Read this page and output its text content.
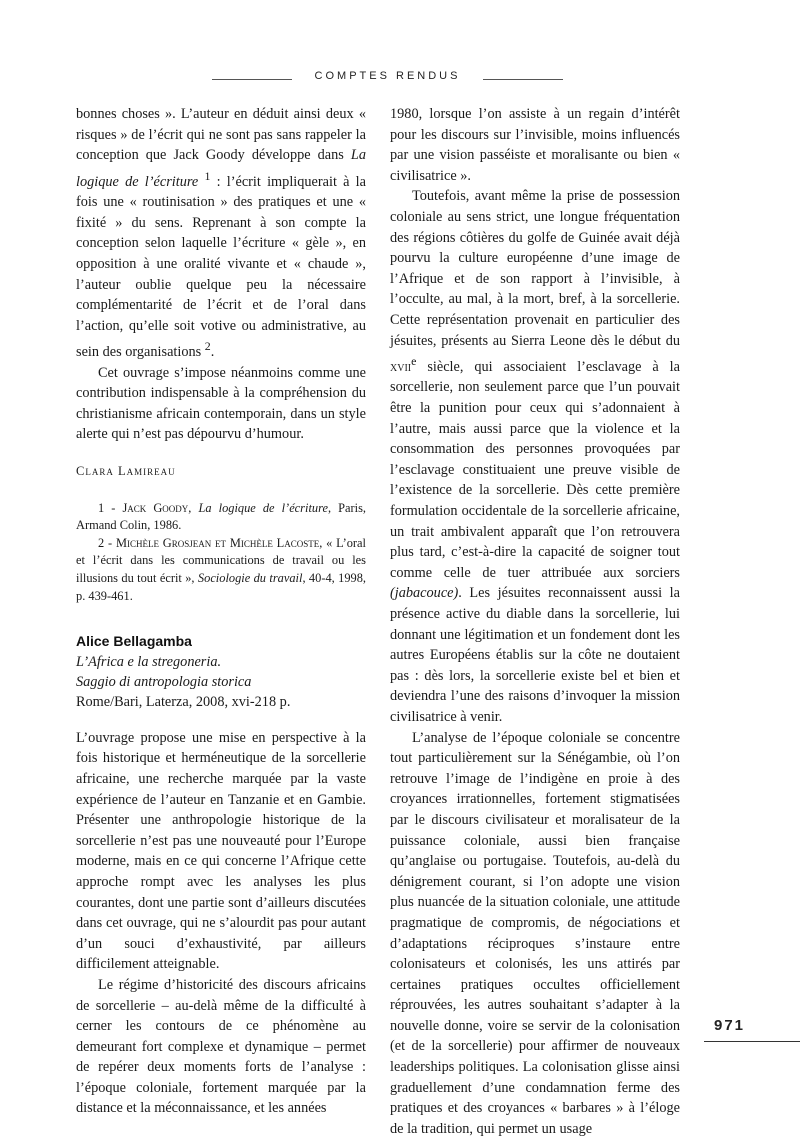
COMPTES RENDUS

bonnes choses ». L’auteur en déduit ainsi deux « risques » de l’écrit qui ne sont pas sans rappeler la conception que Jack Goody développe dans La logique de l’écriture $^1$ : l’écrit impliquerait à la fois une « routinisation » des pratiques et une « fixité » du sens. Reprenant à son compte la conception selon laquelle l’écriture « gèle », en opposition à une oralité vivante et « chaude », l’auteur oublie quelque peu la nécessaire complémentarité de l’écrit et de l’oral dans l’action, qu’elle soit votive ou administrative, au sein des organisations $^2$.

Cet ouvrage s’impose néanmoins comme une contribution indispensable à la compréhension du christianisme africain contemporain, dans un style alerte qui n’est pas dépourvu d’humour.

Clara Lamireau

1 - Jack Goody, La logique de l’écriture, Paris, Armand Colin, 1986.

2 - Michèle Grosjean et Michèle Lacoste, « L’oral et l’écrit dans les communications de travail ou les illusions du tout écrit », Sociologie du travail, 40-4, 1998, p. 439-461.

Alice Bellagamba

L’Africa e la stregoneria.

Saggio di antropologia storica

Rome/Bari, Laterza, 2008, xvi-218 p.

L’ouvrage propose une mise en perspective à la fois historique et herméneutique de la sorcellerie africaine, une recherche marquée par la vaste expérience de l’auteur en Tanzanie et en Gambie. Présenter une anthropologie historique de la sorcellerie n’est pas une nouveauté pour l’Europe moderne, mais en ce qui concerne l’Afrique cette approche rompt avec les analyses les plus courantes, dont une partie sont d’ailleurs discutées dans cet ouvrage, qui ne s’alourdit pas pour autant d’un souci d’exhaustivité, par ailleurs difficilement atteignable.

Le régime d’historicité des discours africains de sorcellerie – au-delà même de la difficulté à cerner les contours de ce phénomène au demeurant fort complexe et dynamique – permet de repérer deux moments forts de l’analyse : l’époque coloniale, fortement marquée par la distance et la méconnaissance, et les années

1980, lorsque l’on assiste à un regain d’intérêt pour les discours sur l’invisible, moins influencés par une vision passéiste et moralisante ou bien « civilisatrice ».

Toutefois, avant même la prise de possession coloniale au sens strict, une longue fréquentation des régions côtières du golfe de Guinée avait déjà pourvu la culture européenne d’une image de l’Afrique et de son rapport à l’invisible, à l’occulte, au mal, à la mort, bref, à la sorcellerie. Cette représentation provenait en particulier des jésuites, présents au Sierra Leone dès le début du xvii$^e$ siècle, qui associaient l’esclavage à la sorcellerie, non seulement parce que l’un pouvait être la punition pour ceux qui s’adonnaient à l’autre, mais aussi parce que la violence et la consommation des personnes provoquées par l’esclavage constituaient une preuve visible de l’existence de la sorcellerie. Dès cette première formulation occidentale de la sorcellerie africaine, un trait ambivalent apparaît que l’on retrouvera plus tard, c’est-à-dire la capacité de soigner tout comme celle de tuer attribuée aux sorciers (jabacouce). Les jésuites reconnaissent aussi la présence active du diable dans la sorcellerie, lui donnant une légitimation et un fondement dont les autres Européens établis sur la côte ne doutaient pas : dès lors, la sorcellerie existe bel et bien et deviendra l’une des raisons d’invoquer la mission civilisatrice à venir.

L’analyse de l’époque coloniale se concentre tout particulièrement sur la Sénégambie, où l’on retrouve l’image de l’indigène en proie à des croyances irrationnelles, fortement stigmatisées par le discours civilisateur et moralisateur de la puissance coloniale, aussi bien française qu’anglaise ou portugaise. Toutefois, au-delà du dénigrement courant, si l’on adopte une vision plus nuancée de la situation coloniale, une attitude pragmatique de compromis, de négociations et d’adaptations réciproques s’instaure entre colonisateurs et colonisés, les uns attirés par certaines pratiques occultes officiellement réprouvées, les autres souhaitant s’adapter à la nouvelle donne, voire se servir de la colonisation (et de la sorcellerie) pour affirmer de nouveaux leaderships politiques. La colonisation glisse ainsi graduellement d’une condamnation ferme des pratiques et des croyances « barbares » à l’éloge de la tradition, qui permet un usage

971
